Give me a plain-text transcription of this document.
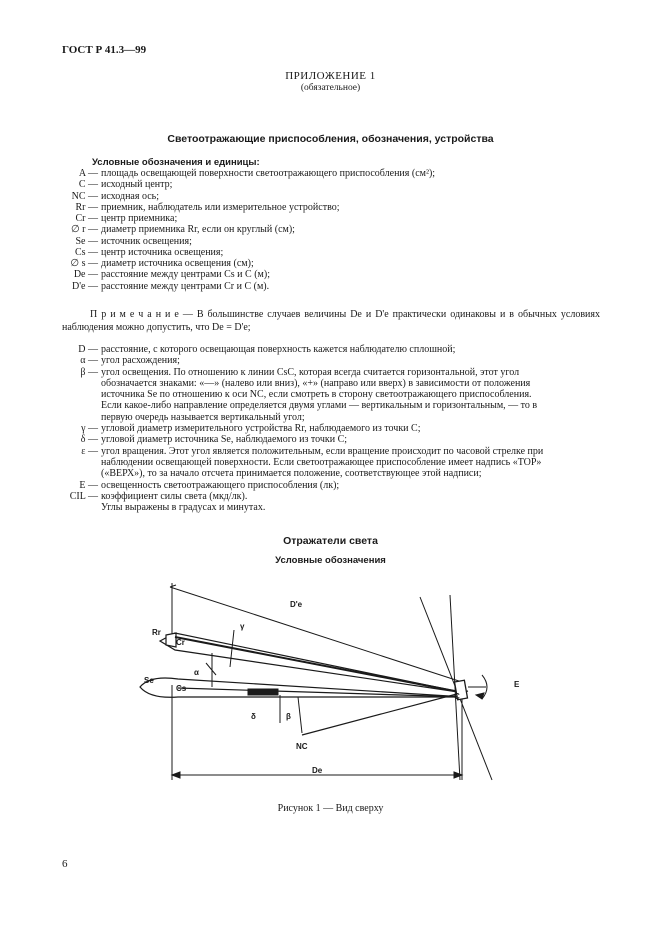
ГОСТ Р 41.3—99
ПРИЛОЖЕНИЕ 1
(обязательное)
Светоотражающие приспособления, обозначения, устройства
Условные обозначения и единицы:
A — площадь освещающей поверхности светоотражающего приспособления (см²);
C — исходный центр;
NC — исходная ось;
Rr — приемник, наблюдатель или измерительное устройство;
Cr — центр приемника;
∅ r — диаметр приемника Rr, если он круглый (см);
Se — источник освещения;
Cs — центр источника освещения;
∅ s — диаметр источника освещения (см);
De — расстояние между центрами Cs и C (м);
D'e — расстояние между центрами Cr и C (м).
П р и м е ч а н и е — В большинстве случаев величины De и D'e практически одинаковы и в обычных условиях наблюдения можно допустить, что De = D'e;
D — расстояние, с которого освещающая поверхность кажется наблюдателю сплошной;
α — угол расхождения;
β — угол освещения. По отношению к линии CsC, которая всегда считается горизонтальной, этот угол
обозначается знаками: «—» (налево или вниз), «+» (направо или вверх) в зависимости от положения
источника Se по отношению к оси NC, если смотреть в сторону светоотражающего приспособления.
Если какое-либо направление определяется двумя углами — вертикальным и горизонтальным, — то в
первую очередь называется вертикальный угол;
γ — угловой диаметр измерительного устройства Rr, наблюдаемого из точки C;
δ — угловой диаметр источника Se, наблюдаемого из точки C;
ε — угол вращения. Этот угол является положительным, если вращение происходит по часовой стрелке при
наблюдении освещающей поверхности. Если светоотражающее приспособление имеет надпись «TOP»
(«ВЕРХ»), то за начало отсчета принимается положение, соответствующее этой надписи;
E — освещенность светоотражающего приспособления (лк);
CIL — коэффициент силы света (мкд/лк).
Углы выражены в градусах и минутах.
Отражатели света
Условные обозначения
D'e
De
Rr
Cr
Se
Cs
C
E
NC
α
γ
δ	β
Рисунок 1 — Вид сверху
6
